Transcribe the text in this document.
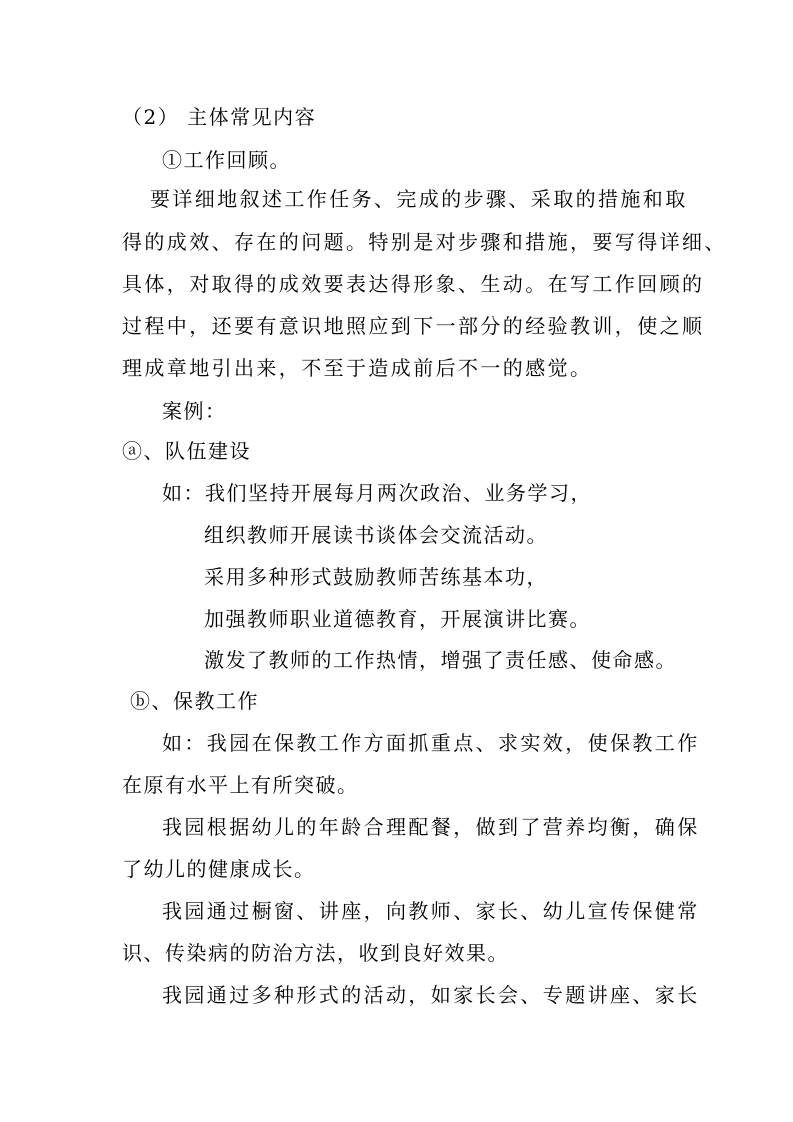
（2） 主体常见内容
①工作回顾。
要详细地叙述工作任务、完成的步骤、采取的措施和取
得的成效、存在的问题。特别是对步骤和措施，要写得详细、
具体，对取得的成效要表达得形象、生动。在写工作回顾的
过程中，还要有意识地照应到下一部分的经验教训，使之顺
理成章地引出来，不至于造成前后不一的感觉。
案例：
ⓐ、队伍建设
如：我们坚持开展每月两次政治、业务学习，
组织教师开展读书谈体会交流活动。
采用多种形式鼓励教师苦练基本功，
加强教师职业道德教育，开展演讲比赛。
激发了教师的工作热情，增强了责任感、使命感。
ⓑ、保教工作
如：我园在保教工作方面抓重点、求实效，使保教工作
在原有水平上有所突破。
我园根据幼儿的年龄合理配餐，做到了营养均衡，确保
了幼儿的健康成长。
我园通过橱窗、讲座，向教师、家长、幼儿宣传保健常
识、传染病的防治方法，收到良好效果。
我园通过多种形式的活动，如家长会、专题讲座、家长
